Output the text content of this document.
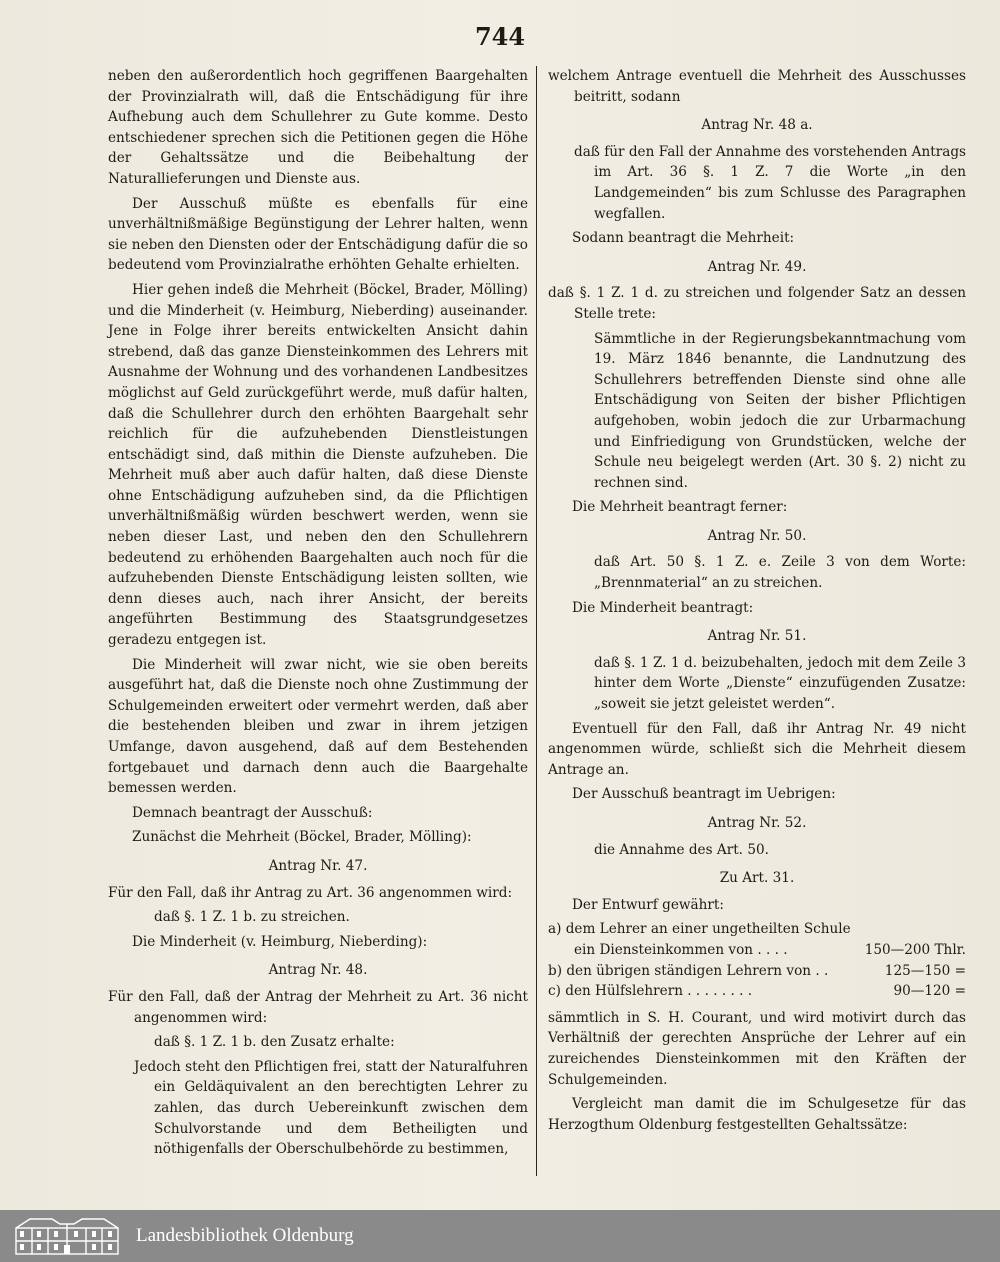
744

neben den außerordentlich hoch gegriffenen Baargehalten der Provinzialrath will, daß die Entschädigung für ihre Aufhebung auch dem Schullehrer zu Gute komme. Desto entschiedener sprechen sich die Petitionen gegen die Höhe der Gehaltssätze und die Beibehaltung der Naturallieferungen und Dienste aus.

Der Ausschuß müßte es ebenfalls für eine unverhältnißmäßige Begünstigung der Lehrer halten, wenn sie neben den Diensten oder der Entschädigung dafür die so bedeutend vom Provinzialrathe erhöhten Gehalte erhielten.

Hier gehen indeß die Mehrheit (Böckel, Brader, Mölling) und die Minderheit (v. Heimburg, Nieberding) auseinander. Jene in Folge ihrer bereits entwickelten Ansicht dahin strebend, daß das ganze Diensteinkommen des Lehrers mit Ausnahme der Wohnung und des vorhandenen Landbesitzes möglichst auf Geld zurückgeführt werde, muß dafür halten, daß die Schullehrer durch den erhöhten Baargehalt sehr reichlich für die aufzuhebenden Dienstleistungen entschädigt sind, daß mithin die Dienste aufzuheben. Die Mehrheit muß aber auch dafür halten, daß diese Dienste ohne Entschädigung aufzuheben sind, da die Pflichtigen unverhältnißmäßig würden beschwert werden, wenn sie neben dieser Last, und neben den den Schullehrern bedeutend zu erhöhenden Baargehalten auch noch für die aufzuhebenden Dienste Entschädigung leisten sollten, wie denn dieses auch, nach ihrer Ansicht, der bereits angeführten Bestimmung des Staatsgrundgesetzes geradezu entgegen ist.

Die Minderheit will zwar nicht, wie sie oben bereits ausgeführt hat, daß die Dienste noch ohne Zustimmung der Schulgemeinden erweitert oder vermehrt werden, daß aber die bestehenden bleiben und zwar in ihrem jetzigen Umfange, davon ausgehend, daß auf dem Bestehenden fortgebauet und darnach denn auch die Baargehalte bemessen werden.

Demnach beantragt der Ausschuß:

Zunächst die Mehrheit (Böckel, Brader, Mölling):

Antrag Nr. 47.

Für den Fall, daß ihr Antrag zu Art. 36 angenommen wird:

daß §. 1 Z. 1 b. zu streichen.

Die Minderheit (v. Heimburg, Nieberding):

Antrag Nr. 48.

Für den Fall, daß der Antrag der Mehrheit zu Art. 36 nicht angenommen wird:

daß §. 1 Z. 1 b. den Zusatz erhalte:

Jedoch steht den Pflichtigen frei, statt der Naturalfuhren ein Geldäquivalent an den berechtigten Lehrer zu zahlen, das durch Uebereinkunft zwischen dem Schulvorstande und dem Betheiligten und nöthigenfalls der Oberschulbehörde zu bestimmen,

welchem Antrage eventuell die Mehrheit des Ausschusses beitritt, sodann

Antrag Nr. 48 a.

daß für den Fall der Annahme des vorstehenden Antrags im Art. 36 §. 1 Z. 7 die Worte „in den Landgemeinden“ bis zum Schlusse des Paragraphen wegfallen.

Sodann beantragt die Mehrheit:

Antrag Nr. 49.

daß §. 1 Z. 1 d. zu streichen und folgender Satz an dessen Stelle trete:

Sämmtliche in der Regierungsbekanntmachung vom 19. März 1846 benannte, die Landnutzung des Schullehrers betreffenden Dienste sind ohne alle Entschädigung von Seiten der bisher Pflichtigen aufgehoben, wobin jedoch die zur Urbarmachung und Einfriedigung von Grundstücken, welche der Schule neu beigelegt werden (Art. 30 §. 2) nicht zu rechnen sind.

Die Mehrheit beantragt ferner:

Antrag Nr. 50.

daß Art. 50 §. 1 Z. e. Zeile 3 von dem Worte: „Brennmaterial“ an zu streichen.

Die Minderheit beantragt:

Antrag Nr. 51.

daß §. 1 Z. 1 d. beizubehalten, jedoch mit dem Zeile 3 hinter dem Worte „Dienste“ einzufügenden Zusatze: „soweit sie jetzt geleistet werden“.

Eventuell für den Fall, daß ihr Antrag Nr. 49 nicht angenommen würde, schließt sich die Mehrheit diesem Antrage an.

Der Ausschuß beantragt im Uebrigen:

Antrag Nr. 52.

die Annahme des Art. 50.

Zu Art. 31.

Der Entwurf gewährt:

a) dem Lehrer an einer ungetheilten Schule
ein Diensteinkommen von . . . .	150—200 Thlr.
b) den übrigen ständigen Lehrern von . .	125—150 =
c) den Hülfslehrern . . . . . . . .	90—120 =

sämmtlich in S. H. Courant, und wird motivirt durch das Verhältniß der gerechten Ansprüche der Lehrer auf ein zureichendes Diensteinkommen mit den Kräften der Schulgemeinden.

Vergleicht man damit die im Schulgesetze für das Herzogthum Oldenburg festgestellten Gehaltssätze:

Landesbibliothek Oldenburg
